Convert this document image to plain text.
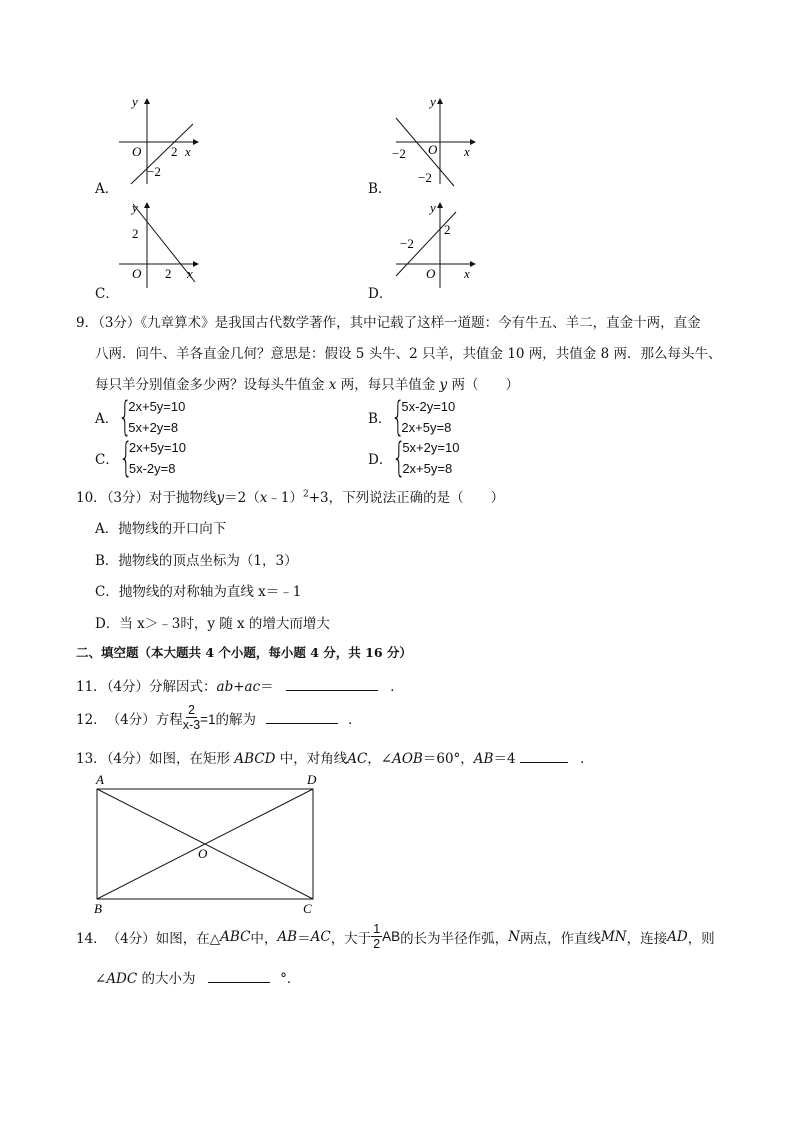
y
x
O 2
−2
A．
y
x
O
−2
−2
B．
y
x
O 2
2
C．
y
x
O
−2
2
D．
9．（3分）《九章算术》是我国古代数学著作，其中记载了这样一道题：今有牛五、羊二，直金十两，直金
八两．问牛、羊各直金几何？意思是：假设 5 头牛、2 只羊，共值金 10 两，共值金 8 两．那么每头牛、
每只羊分别值金多少两？设每头牛值金 x 两，每只羊值金 y 两（　　）
A． {
2x+5y=10
5x+2y=8
B． {
5x-2y=10
2x+5y=8
C． {
2x+5y=10
5x-2y=8
D． {
5x+2y=10
2x+5y=8
10．（3分）对于抛物线y＝2（x﹣1）$^2$+3，下列说法正确的是（　　）
A．抛物线的开口向下
B．抛物线的顶点坐标为（1，3）
C．抛物线的对称轴为直线 x＝﹣1
D．当 x＞﹣3时，y 随 x 的增大而增大
二、填空题（本大题共 4 个小题，每小题 4 分，共 16 分）
11．（4分）分解因式：ab+ac＝	．
12． （4分） 方程 $\frac{2}{x-3} =1$的解为	．
13．（4分）如图，在矩形 ABCD 中，对角线AC，∠AOB＝60°，AB＝4	．
A	D
B	C
O
14． （4分） 如图，在△ ABC 中， AB ＝ AC ，大于 $\frac{1}{2}$ AB 的长为半径作弧， N 两点，作直线 MN ，连接 AD ，则
∠ADC 的大小为	°．
